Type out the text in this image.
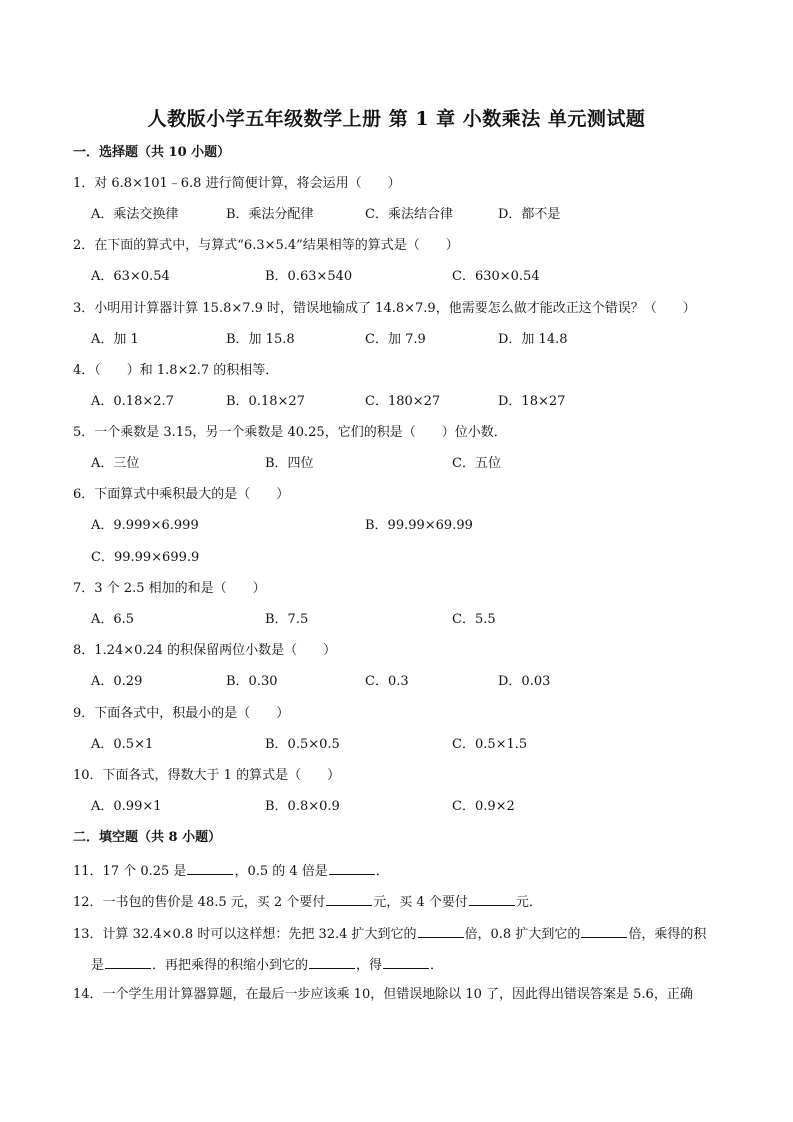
人教版小学五年级数学上册 第 1 章 小数乘法 单元测试题
一．选择题（共 10 小题）
1．对 6.8×101﹣6.8 进行简便计算，将会运用（　　）
A．乘法交换律	B．乘法分配律	C．乘法结合律	D．都不是
2．在下面的算式中，与算式“6.3×5.4”结果相等的算式是（　　）
A．63×0.54	B．0.63×540	C．630×0.54
3．小明用计算器计算 15.8×7.9 时，错误地输成了 14.8×7.9，他需要怎么做才能改正这个错误？（　　）
A．加 1	B．加 15.8	C．加 7.9	D．加 14.8
4．（　　）和 1.8×2.7 的积相等．
A．0.18×2.7	B．0.18×27	C．180×27	D．18×27
5．一个乘数是 3.15，另一个乘数是 40.25，它们的积是（　　）位小数．
A．三位	B．四位	C．五位
6．下面算式中乘积最大的是（　　）
A．9.999×6.999	B．99.99×69.99
C．99.99×699.9
7．3 个 2.5 相加的和是（　　）
A．6.5	B．7.5	C．5.5
8．1.24×0.24 的积保留两位小数是（　　）
A．0.29	B．0.30	C．0.3	D．0.03
9．下面各式中，积最小的是（　　）
A．0.5×1	B．0.5×0.5	C．0.5×1.5
10．下面各式，得数大于 1 的算式是（　　）
A．0.99×1	B．0.8×0.9	C．0.9×2
二．填空题（共 8 小题）
11．17 个 0.25 是	，0.5 的 4 倍是	．
12．一书包的售价是 48.5 元，买 2 个要付	元，买 4 个要付	元．
13．计算 32.4×0.8 时可以这样想：先把 32.4 扩大到它的	倍，0.8 扩大到它的	倍，乘得的积
是	．再把乘得的积缩小到它的	，得	．
14．一个学生用计算器算题，在最后一步应该乘 10，但错误地除以 10 了，因此得出错误答案是 5.6，正确
